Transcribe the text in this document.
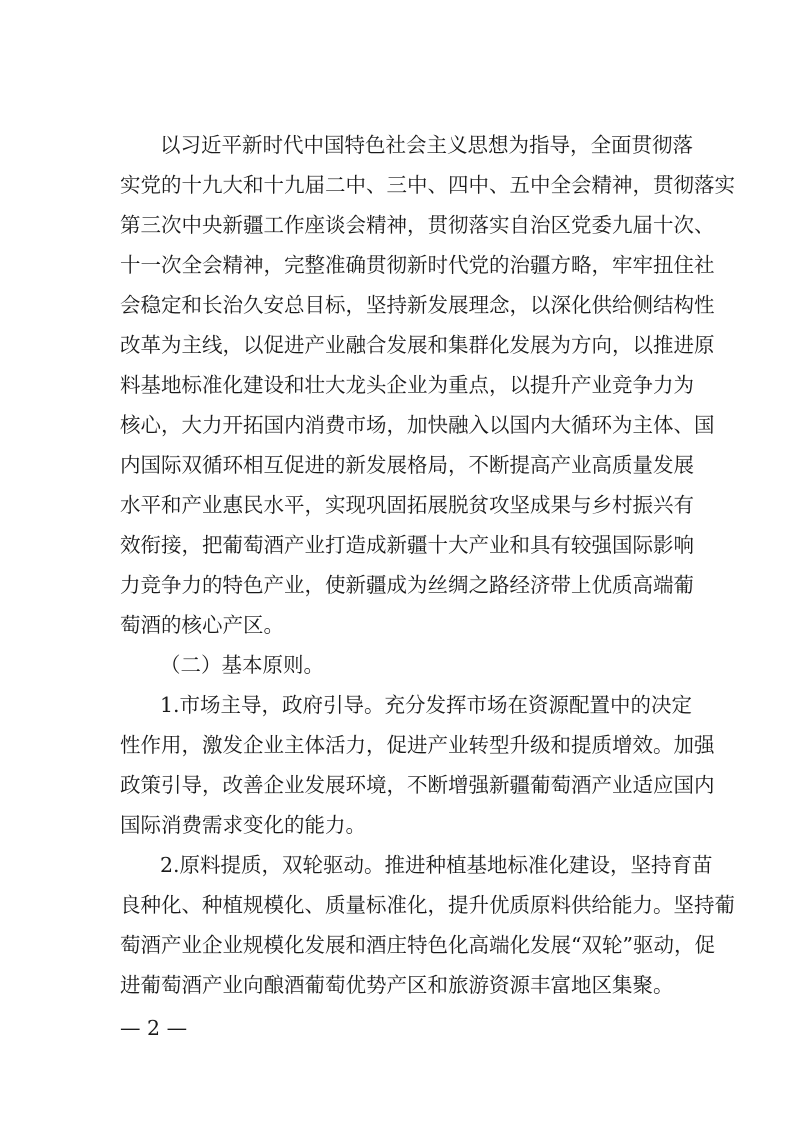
以习近平新时代中国特色社会主义思想为指导，全面贯彻落
实党的十九大和十九届二中、三中、四中、五中全会精神，贯彻落实
第三次中央新疆工作座谈会精神，贯彻落实自治区党委九届十次、
十一次全会精神，完整准确贯彻新时代党的治疆方略，牢牢扭住社
会稳定和长治久安总目标，坚持新发展理念，以深化供给侧结构性
改革为主线，以促进产业融合发展和集群化发展为方向，以推进原
料基地标准化建设和壮大龙头企业为重点，以提升产业竞争力为
核心，大力开拓国内消费市场，加快融入以国内大循环为主体、国
内国际双循环相互促进的新发展格局，不断提高产业高质量发展
水平和产业惠民水平，实现巩固拓展脱贫攻坚成果与乡村振兴有
效衔接，把葡萄酒产业打造成新疆十大产业和具有较强国际影响
力竞争力的特色产业，使新疆成为丝绸之路经济带上优质高端葡
萄酒的核心产区。
（二）基本原则。
1.市场主导，政府引导。充分发挥市场在资源配置中的决定
性作用，激发企业主体活力，促进产业转型升级和提质增效。加强
政策引导，改善企业发展环境，不断增强新疆葡萄酒产业适应国内
国际消费需求变化的能力。
2.原料提质，双轮驱动。推进种植基地标准化建设，坚持育苗
良种化、种植规模化、质量标准化，提升优质原料供给能力。坚持葡
萄酒产业企业规模化发展和酒庄特色化高端化发展“双轮”驱动，促
进葡萄酒产业向酿酒葡萄优势产区和旅游资源丰富地区集聚。
— 2 —
